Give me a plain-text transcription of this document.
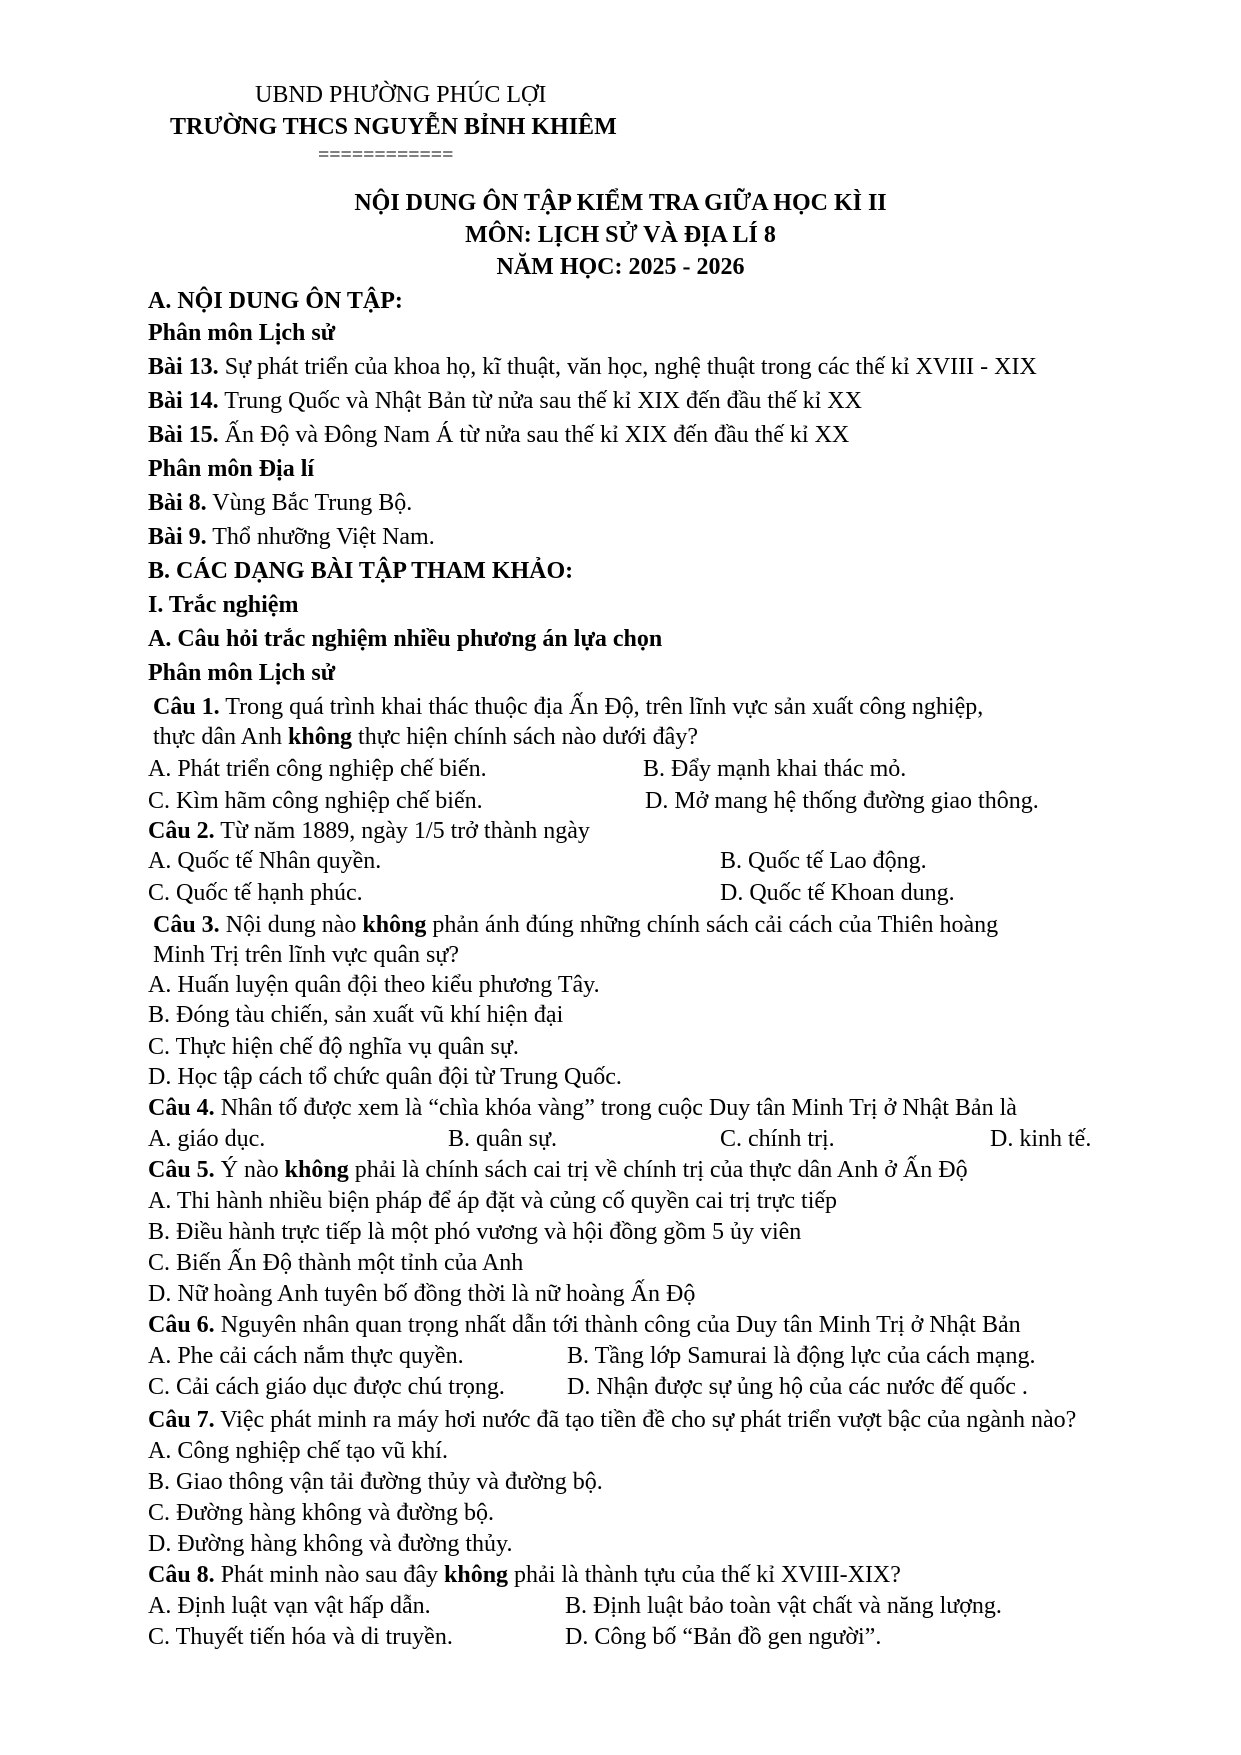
UBND PHƯỜNG PHÚC LỢI
TRƯỜNG THCS NGUYỄN BỈNH KHIÊM
============
NỘI DUNG ÔN TẬP KIỂM TRA GIỮA HỌC KÌ II
MÔN: LỊCH SỬ VÀ ĐỊA LÍ 8
NĂM HỌC: 2025 - 2026
A. NỘI DUNG ÔN TẬP:
Phân môn Lịch sử
Bài 13. Sự phát triển của khoa họ, kĩ thuật, văn học, nghệ thuật trong các thế kỉ XVIII - XIX
Bài 14. Trung Quốc và Nhật Bản từ nửa sau thế kỉ XIX đến đầu thế kỉ XX
Bài 15. Ấn Độ và Đông Nam Á từ nửa sau thế kỉ XIX đến đầu thế kỉ XX
Phân môn Địa lí
Bài 8. Vùng Bắc Trung Bộ.
Bài 9. Thổ nhưỡng Việt Nam.
B. CÁC DẠNG BÀI TẬP THAM KHẢO:
I. Trắc nghiệm
A. Câu hỏi trắc nghiệm nhiều phương án lựa chọn
Phân môn Lịch sử
Câu 1. Trong quá trình khai thác thuộc địa Ấn Độ, trên lĩnh vực sản xuất công nghiệp,
thực dân Anh không thực hiện chính sách nào dưới đây?
A. Phát triển công nghiệp chế biến.	B. Đẩy mạnh khai thác mỏ.
C. Kìm hãm công nghiệp chế biến.	D. Mở mang hệ thống đường giao thông.
Câu 2. Từ năm 1889, ngày 1/5 trở thành ngày
A. Quốc tế Nhân quyền.	B. Quốc tế Lao động.
C. Quốc tế hạnh phúc.	D. Quốc tế Khoan dung.
Câu 3. Nội dung nào không phản ánh đúng những chính sách cải cách của Thiên hoàng
Minh Trị trên lĩnh vực quân sự?
A. Huấn luyện quân đội theo kiểu phương Tây.
B. Đóng tàu chiến, sản xuất vũ khí hiện đại
C. Thực hiện chế độ nghĩa vụ quân sự.
D. Học tập cách tổ chức quân đội từ Trung Quốc.
Câu 4. Nhân tố được xem là “chìa khóa vàng” trong cuộc Duy tân Minh Trị ở Nhật Bản là
A. giáo dục.	B. quân sự.	C. chính trị.	D. kinh tế.
Câu 5. Ý nào không phải là chính sách cai trị về chính trị của thực dân Anh ở Ấn Độ
A. Thi hành nhiều biện pháp để áp đặt và củng cố quyền cai trị trực tiếp
B. Điều hành trực tiếp là một phó vương và hội đồng gồm 5 ủy viên
C. Biến Ấn Độ thành một tỉnh của Anh
D. Nữ hoàng Anh tuyên bố đồng thời là nữ hoàng Ấn Độ
Câu 6. Nguyên nhân quan trọng nhất dẫn tới thành công của Duy tân Minh Trị ở Nhật Bản
A. Phe cải cách nắm thực quyền.	B. Tầng lớp Samurai là động lực của cách mạng.
C. Cải cách giáo dục được chú trọng.	D. Nhận được sự ủng hộ của các nước đế quốc .
Câu 7. Việc phát minh ra máy hơi nước đã tạo tiền đề cho sự phát triển vượt bậc của ngành nào?
A. Công nghiệp chế tạo vũ khí.
B. Giao thông vận tải đường thủy và đường bộ.
C. Đường hàng không và đường bộ.
D. Đường hàng không và đường thủy.
Câu 8. Phát minh nào sau đây không phải là thành tựu của thế kỉ XVIII-XIX?
A. Định luật vạn vật hấp dẫn.	B. Định luật bảo toàn vật chất và năng lượng.
C. Thuyết tiến hóa và di truyền.	D. Công bố “Bản đồ gen người”.
